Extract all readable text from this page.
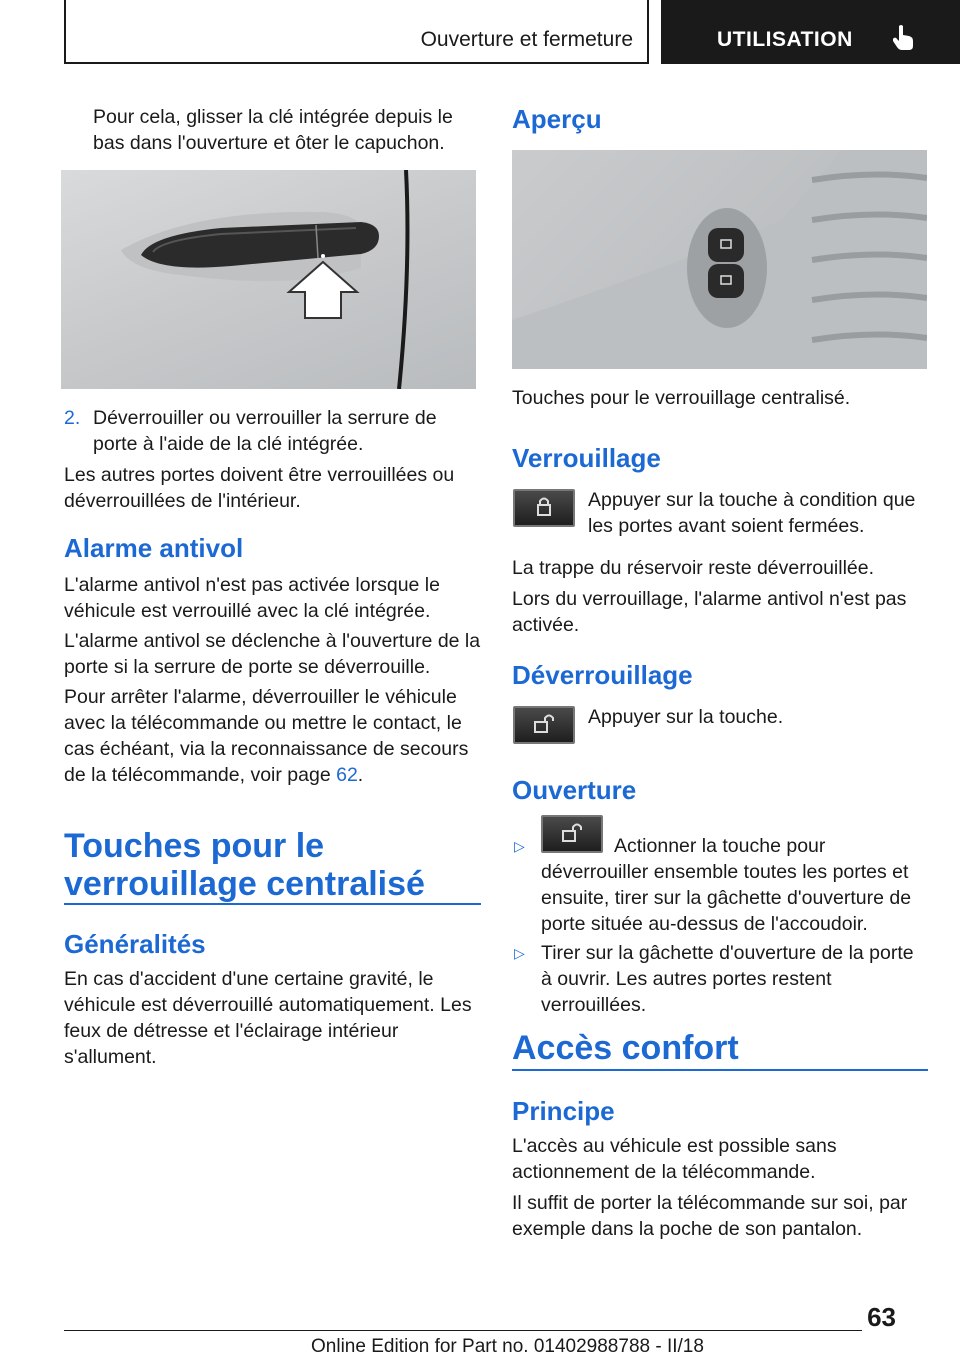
Ouverture et fermeture	UTILISATION

Pour cela, glisser la clé intégrée depuis le bas dans l'ouverture et ôter le capuchon.

2. Déverrouiller ou verrouiller la serrure de porte à l'aide de la clé intégrée.

Les autres portes doivent être verrouillées ou déverrouillées de l'intérieur.

Alarme antivol

L'alarme antivol n'est pas activée lorsque le véhicule est verrouillé avec la clé intégrée.

L'alarme antivol se déclenche à l'ouverture de la porte si la serrure de porte se déverrouille.

Pour arrêter l'alarme, déverrouiller le véhicule avec la télécommande ou mettre le contact, le cas échéant, via la reconnaissance de secours de la télécommande, voir page 62.

Touches pour le verrouillage centralisé
Généralités

En cas d'accident d'une certaine gravité, le véhicule est déverrouillé automatiquement. Les feux de détresse et l'éclairage intérieur s'allument.

Aperçu

Touches pour le verrouillage centralisé.

Verrouillage

Appuyer sur la touche à condition que les portes avant soient fermées.

La trappe du réservoir reste déverrouillée.

Lors du verrouillage, l'alarme antivol n'est pas activée.

Déverrouillage

Appuyer sur la touche.

Ouverture
▷	Actionner la touche pour déverrouiller ensemble toutes les portes et ensuite, tirer sur la gâchette d'ouverture de porte située au-dessus de l'accoudoir.

▷ Tirer sur la gâchette d'ouverture de la porte à ouvrir. Les autres portes restent verrouillées.

Accès confort
Principe

L'accès au véhicule est possible sans actionnement de la télécommande.

Il suffit de porter la télécommande sur soi, par exemple dans la poche de son pantalon.

63
Online Edition for Part no. 01402988788 - II/18
